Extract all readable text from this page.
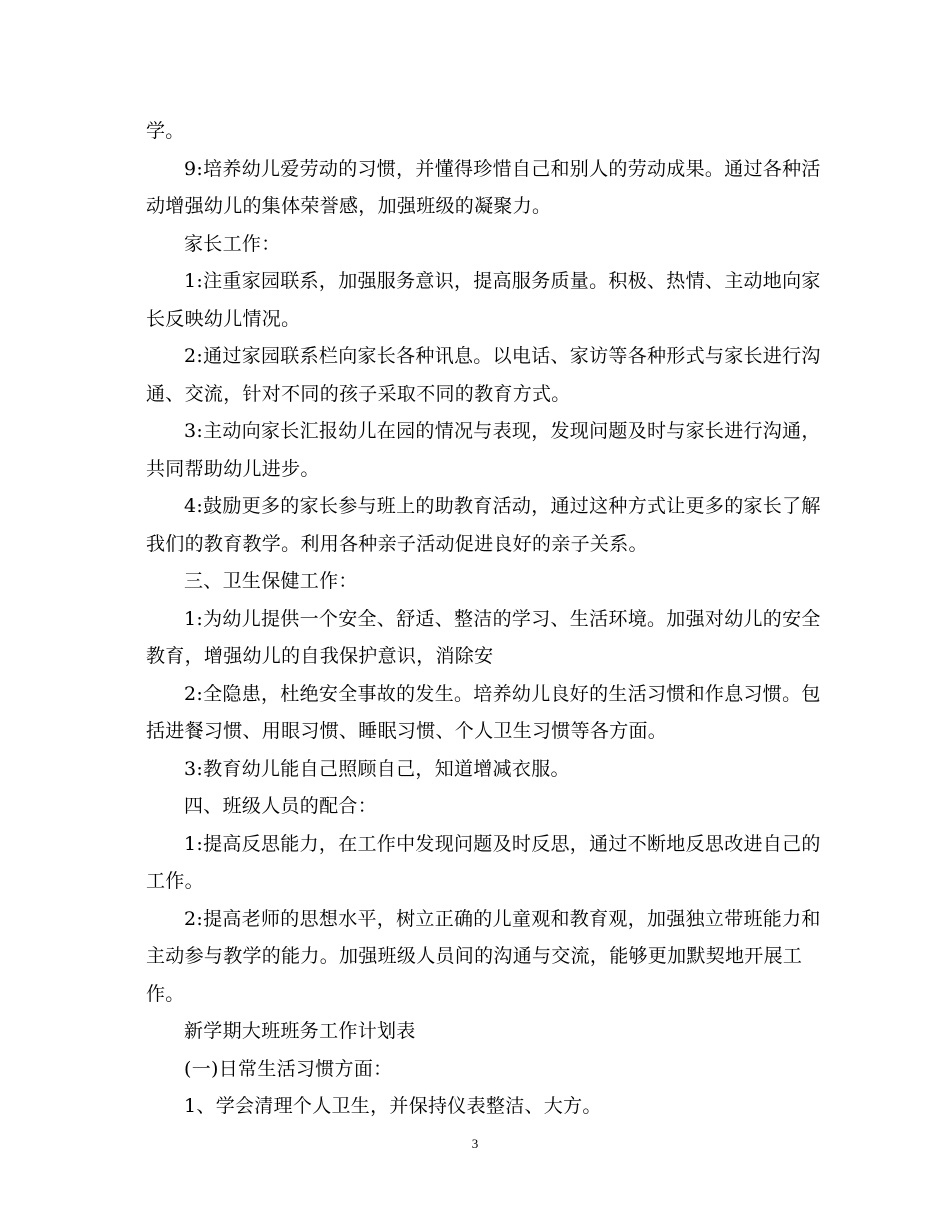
学。
9:培养幼儿爱劳动的习惯，并懂得珍惜自己和别人的劳动成果。通过各种活
动增强幼儿的集体荣誉感，加强班级的凝聚力。
家长工作：
1:注重家园联系，加强服务意识，提高服务质量。积极、热情、主动地向家
长反映幼儿情况。
2:通过家园联系栏向家长各种讯息。以电话、家访等各种形式与家长进行沟
通、交流，针对不同的孩子采取不同的教育方式。
3:主动向家长汇报幼儿在园的情况与表现，发现问题及时与家长进行沟通，
共同帮助幼儿进步。
4:鼓励更多的家长参与班上的助教育活动，通过这种方式让更多的家长了解
我们的教育教学。利用各种亲子活动促进良好的亲子关系。
三、卫生保健工作：
1:为幼儿提供一个安全、舒适、整洁的学习、生活环境。加强对幼儿的安全
教育，增强幼儿的自我保护意识，消除安
2:全隐患，杜绝安全事故的发生。培养幼儿良好的生活习惯和作息习惯。包
括进餐习惯、用眼习惯、睡眠习惯、个人卫生习惯等各方面。
3:教育幼儿能自己照顾自己，知道增减衣服。
四、班级人员的配合：
1:提高反思能力，在工作中发现问题及时反思，通过不断地反思改进自己的
工作。
2:提高老师的思想水平，树立正确的儿童观和教育观，加强独立带班能力和
主动参与教学的能力。加强班级人员间的沟通与交流，能够更加默契地开展工
作。
新学期大班班务工作计划表
(一)日常生活习惯方面：
1、学会清理个人卫生，并保持仪表整洁、大方。
3
